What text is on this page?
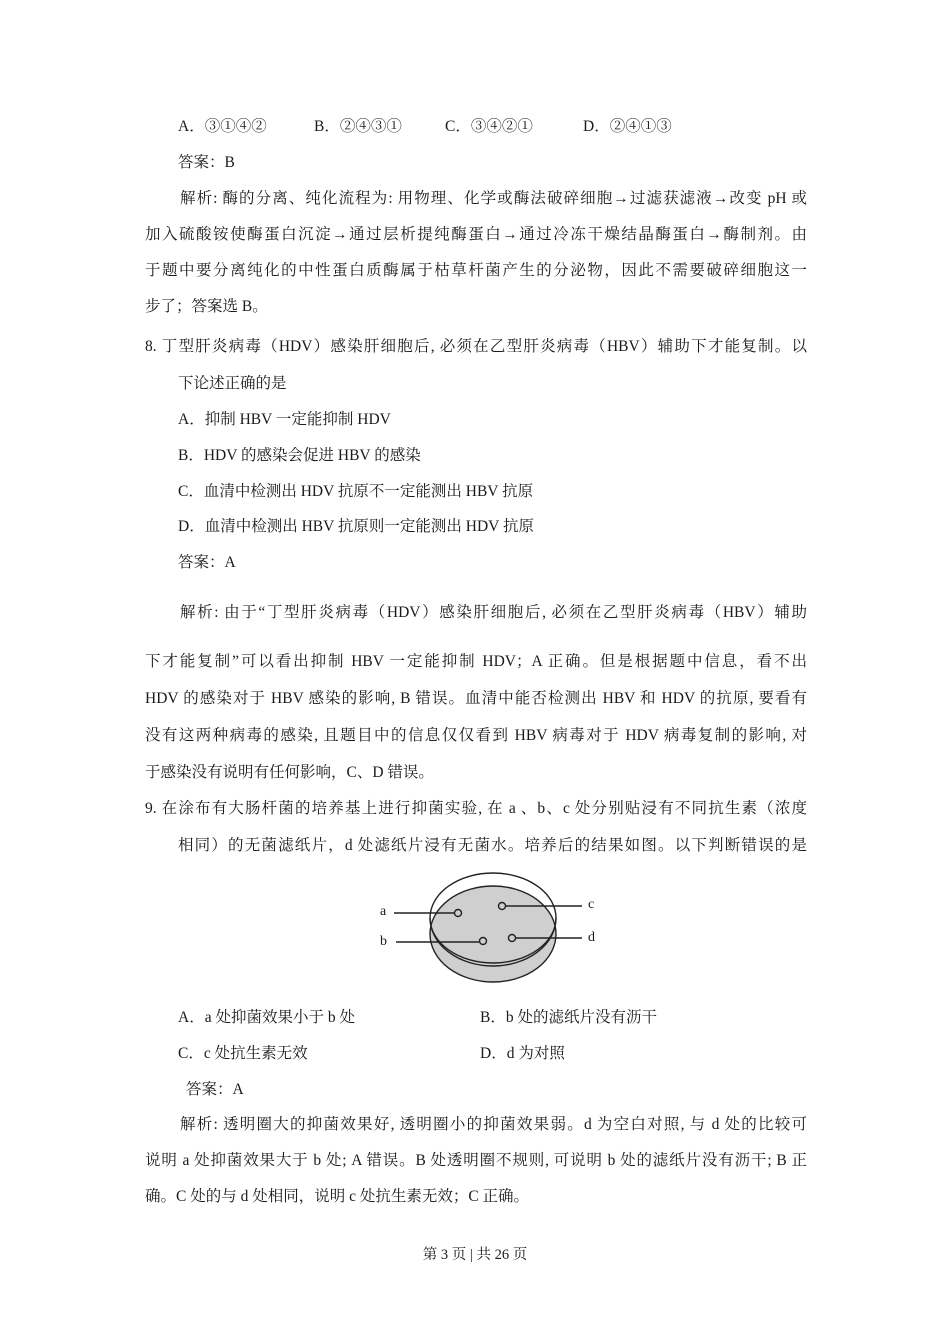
A．③①④②	B．②④③①	C．③④②①	D．②④①③
答案：B
解析: 酶的分离、纯化流程为: 用物理、化学或酶法破碎细胞→过滤获滤液→改变 pH 或
加入硫酸铵使酶蛋白沉淀→通过层析提纯酶蛋白→通过冷冻干燥结晶酶蛋白→酶制剂。由
于题中要分离纯化的中性蛋白质酶属于枯草杆菌产生的分泌物，因此不需要破碎细胞这一
步了；答案选 B。
8. 丁型肝炎病毒（HDV）感染肝细胞后, 必须在乙型肝炎病毒（HBV）辅助下才能复制。以
下论述正确的是
A．抑制 HBV 一定能抑制 HDV
B．HDV 的感染会促进 HBV 的感染
C．血清中检测出 HDV 抗原不一定能测出 HBV 抗原
D．血清中检测出 HBV 抗原则一定能测出 HDV 抗原
答案：A
解析: 由于“丁型肝炎病毒（HDV）感染肝细胞后, 必须在乙型肝炎病毒（HBV）辅助
下才能复制”可以看出抑制 HBV 一定能抑制 HDV；A 正确。但是根据题中信息，看不出
HDV 的感染对于 HBV 感染的影响, B 错误。血清中能否检测出 HBV 和 HDV 的抗原, 要看有
没有这两种病毒的感染, 且题目中的信息仅仅看到 HBV 病毒对于 HDV 病毒复制的影响, 对
于感染没有说明有任何影响，C、D 错误。
9. 在涂布有大肠杆菌的培养基上进行抑菌实验, 在 a 、b、c 处分别贴浸有不同抗生素（浓度
相同）的无菌滤纸片，d 处滤纸片浸有无菌水。培养后的结果如图。以下判断错误的是
a
b
c
d
A．a 处抑菌效果小于 b 处	B．b 处的滤纸片没有沥干
C．c 处抗生素无效	D．d 为对照
答案：A
解析: 透明圈大的抑菌效果好, 透明圈小的抑菌效果弱。d 为空白对照, 与 d 处的比较可
说明 a 处抑菌效果大于 b 处; A 错误。B 处透明圈不规则, 可说明 b 处的滤纸片没有沥干; B 正
确。C 处的与 d 处相同，说明 c 处抗生素无效；C 正确。
第 3 页 | 共 26 页
